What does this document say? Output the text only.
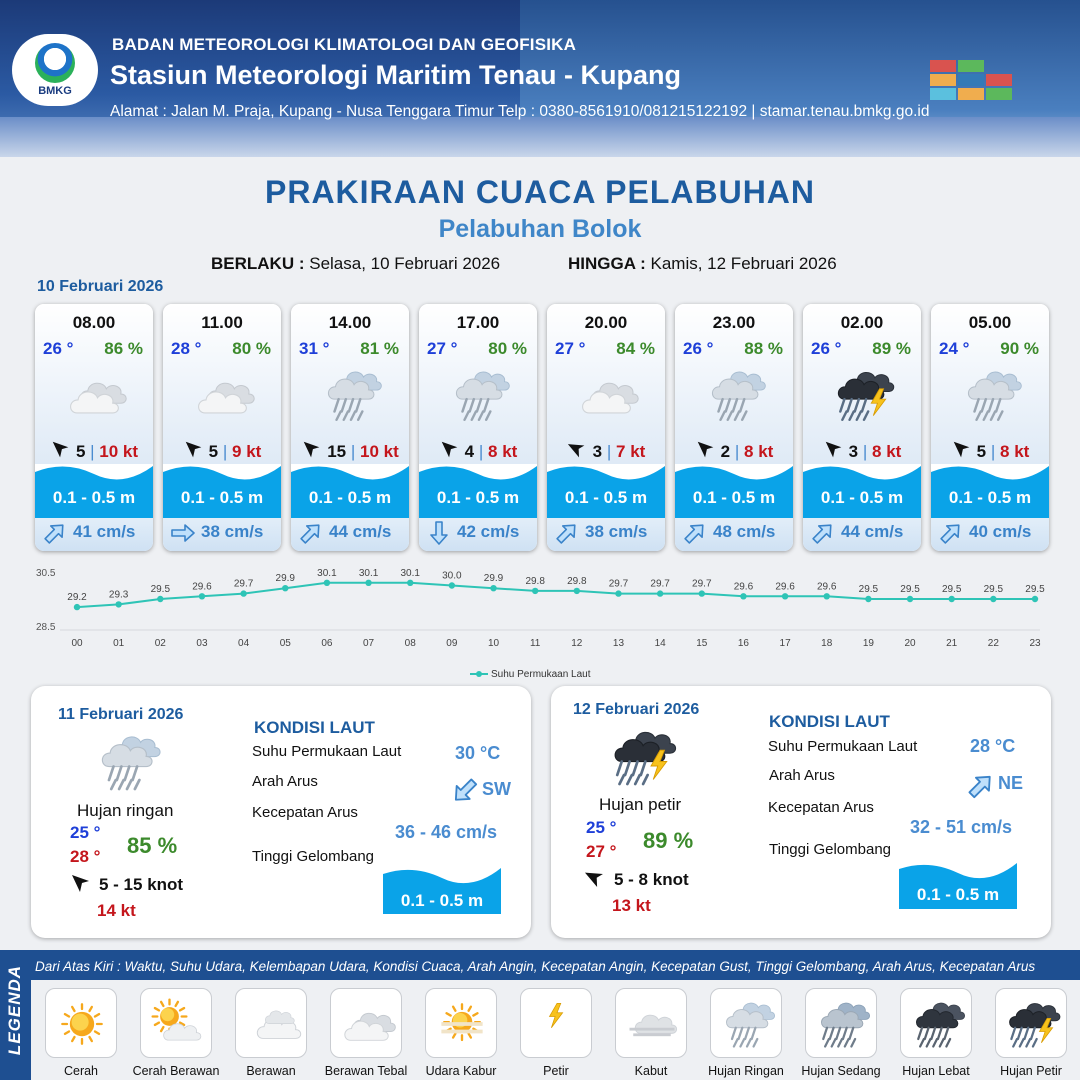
BMKG
BADAN METEOROLOGI KLIMATOLOGI DAN GEOFISIKA
Stasiun Meteorologi Maritim Tenau - Kupang
Alamat : Jalan M. Praja, Kupang - Nusa Tenggara Timur Telp : 0380-8561910/081215122192 | stamar.tenau.bmkg.go.id
PRAKIRAAN CUACA PELABUHAN
Pelabuhan Bolok
BERLAKU : Selasa, 10 Februari 2026	HINGGA : Kamis, 12 Februari 2026
10 Februari 2026
08.00
26 ° 86 %
5 | 10 kt
0.1 - 0.5 m
41 cm/s
11.00
28 ° 80 %
5 | 9 kt
0.1 - 0.5 m
38 cm/s
14.00
31 ° 81 %
15 | 10 kt
0.1 - 0.5 m
44 cm/s
17.00
27 ° 80 %
4 | 8 kt
0.1 - 0.5 m
42 cm/s
20.00
27 ° 84 %
3 | 7 kt
0.1 - 0.5 m
38 cm/s
23.00
26 ° 88 %
2 | 8 kt
0.1 - 0.5 m
48 cm/s
02.00
26 ° 89 %
3 | 8 kt
0.1 - 0.5 m
44 cm/s
05.00
24 ° 90 %
5 | 8 kt
0.1 - 0.5 m
40 cm/s
30.5
28.5
29.2
00
29.3
01
29.5
02
29.6
03
29.7
04
29.9
05
30.1
06
30.1
07
30.1
08
30.0
09
29.9
10
29.8
11
29.8
12
29.7
13
29.7
14
29.7
15
29.6
16
29.6
17
29.6
18
29.5
19
29.5
20
29.5
21
29.5
22
29.5
23
Suhu Permukaan Laut
11 Februari 2026
Hujan ringan
25 °
28 ° 85 %
5 - 15 knot
14 kt
KONDISI LAUT
Suhu Permukaan Laut	30 °C
Arah Arus	SW
Kecepatan Arus
36 - 46 cm/s
Tinggi Gelombang
0.1 - 0.5 m
12 Februari 2026
Hujan petir
25 °
27 ° 89 %
5 - 8 knot
13 kt
KONDISI LAUT
Suhu Permukaan Laut	28 °C
Arah Arus	NE
Kecepatan Arus
32 - 51 cm/s
Tinggi Gelombang
0.1 - 0.5 m
LEGENDA Dari Atas Kiri : Waktu, Suhu Udara, Kelembapan Udara, Kondisi Cuaca, Arah Angin, Kecepatan Angin, Kecepatan Gust, Tinggi Gelombang, Arah Arus, Kecepatan Arus
Cerah	Cerah Berawan	Berawan	Berawan Tebal	Udara Kabur	Petir	Kabut	Hujan Ringan	Hujan Sedang	Hujan Lebat	Hujan Petir
